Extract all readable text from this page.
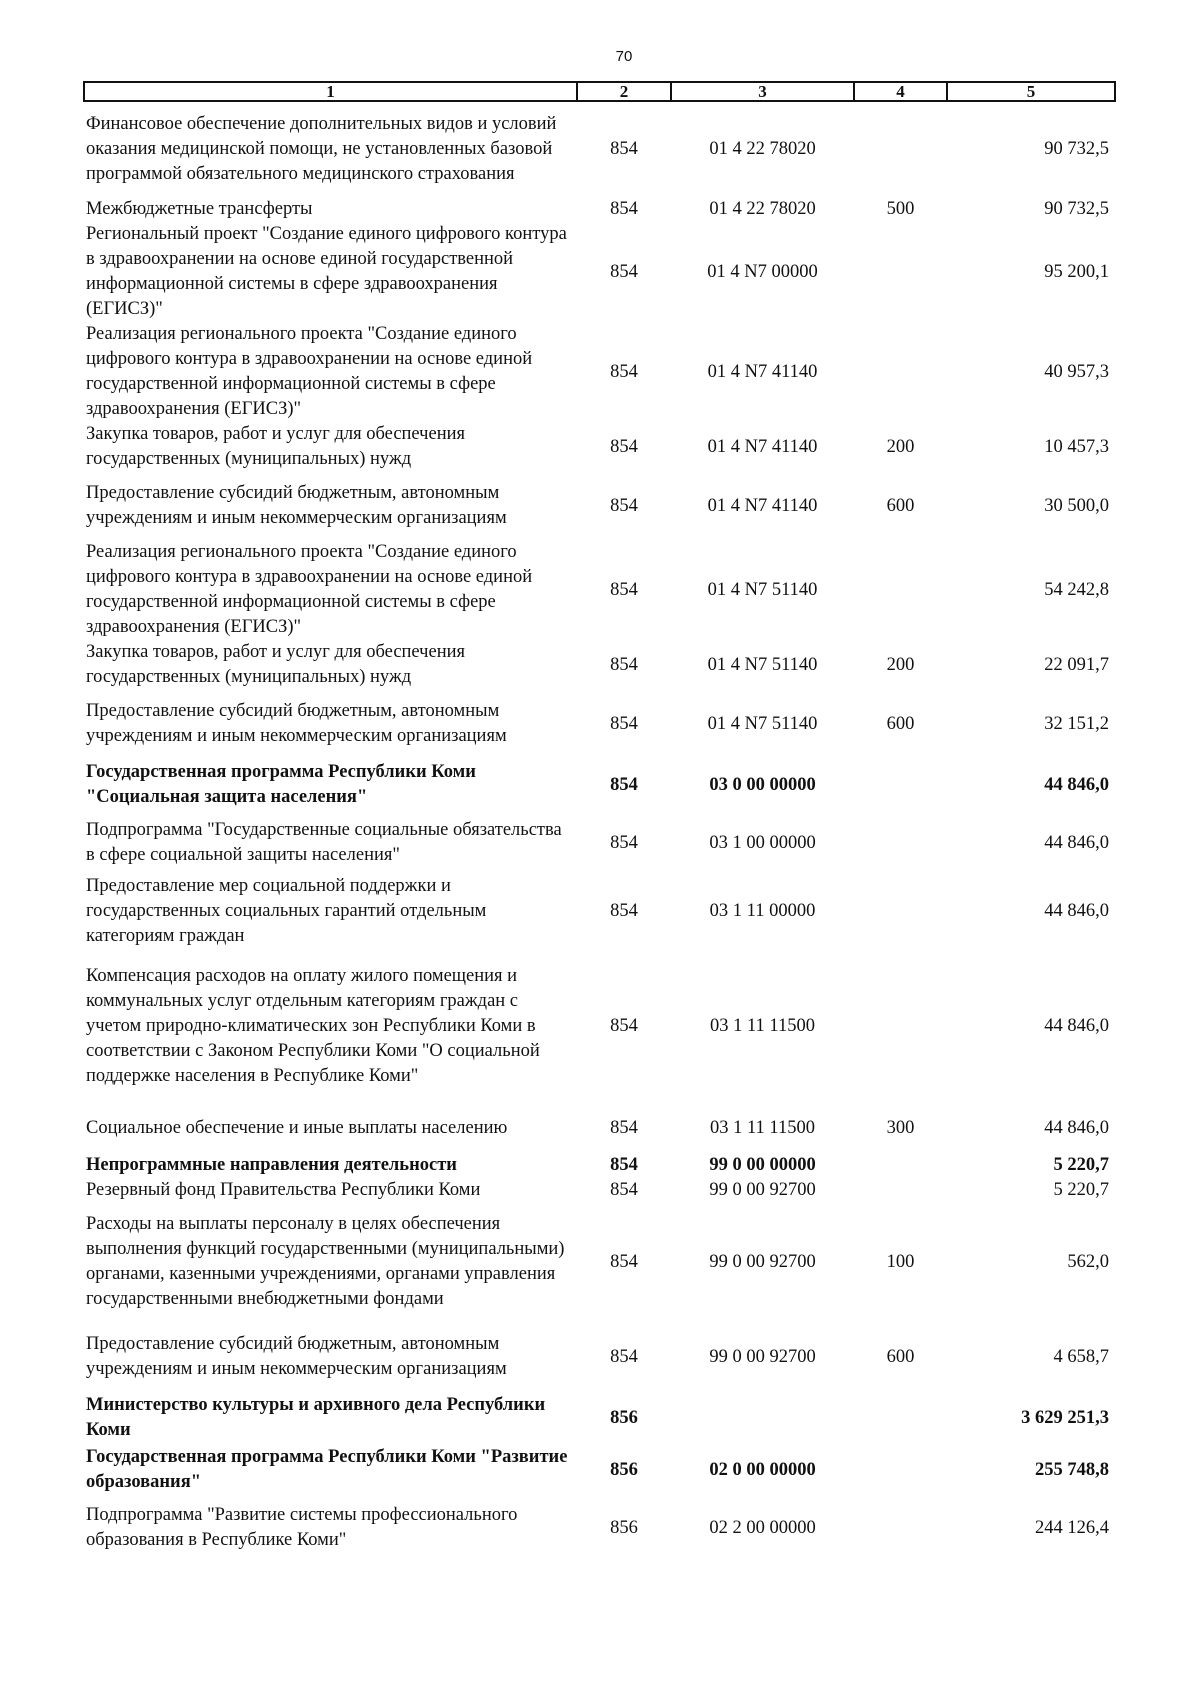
70
1	2	3	4	5
Финансовое обеспечение дополнительных видов и условий оказания медицинской помощи, не установленных базовой программой обязательного медицинского страхования	854	01 4 22 78020		90 732,5
Межбюджетные трансферты	854	01 4 22 78020	500	90 732,5
Региональный проект "Создание единого цифрового контура в здравоохранении на основе единой государственной информационной системы в сфере здравоохранения (ЕГИСЗ)"	854	01 4 N7 00000		95 200,1
Реализация регионального проекта "Создание единого цифрового контура в здравоохранении на основе единой государственной информационной системы в сфере здравоохранения (ЕГИСЗ)"	854	01 4 N7 41140		40 957,3
Закупка товаров, работ и услуг для обеспечения государственных (муниципальных) нужд	854	01 4 N7 41140	200	10 457,3
Предоставление субсидий бюджетным, автономным учреждениям и иным некоммерческим организациям	854	01 4 N7 41140	600	30 500,0
Реализация регионального проекта "Создание единого цифрового контура в здравоохранении на основе единой государственной информационной системы в сфере здравоохранения (ЕГИСЗ)"	854	01 4 N7 51140		54 242,8
Закупка товаров, работ и услуг для обеспечения государственных (муниципальных) нужд	854	01 4 N7 51140	200	22 091,7
Предоставление субсидий бюджетным, автономным учреждениям и иным некоммерческим организациям	854	01 4 N7 51140	600	32 151,2
Государственная программа Республики Коми "Социальная защита населения"	854	03 0 00 00000		44 846,0
Подпрограмма "Государственные социальные обязательства в сфере социальной защиты населения"	854	03 1 00 00000		44 846,0
Предоставление мер социальной поддержки и государственных социальных гарантий отдельным категориям граждан	854	03 1 11 00000		44 846,0
Компенсация расходов на оплату жилого помещения и коммунальных услуг отдельным категориям граждан с учетом природно-климатических зон Республики Коми в соответствии с Законом Республики Коми "О социальной поддержке населения в Республике Коми"	854	03 1 11 11500		44 846,0
Социальное обеспечение и иные выплаты населению	854	03 1 11 11500	300	44 846,0
Непрограммные направления деятельности	854	99 0 00 00000		5 220,7
Резервный фонд Правительства Республики Коми	854	99 0 00 92700		5 220,7
Расходы на выплаты персоналу в целях обеспечения выполнения функций государственными (муниципальными) органами, казенными учреждениями, органами управления государственными внебюджетными фондами	854	99 0 00 92700	100	562,0
Предоставление субсидий бюджетным, автономным учреждениям и иным некоммерческим организациям	854	99 0 00 92700	600	4 658,7
Министерство культуры и архивного дела Республики Коми	856			3 629 251,3
Государственная программа Республики Коми "Развитие образования"	856	02 0 00 00000		255 748,8
Подпрограмма "Развитие системы профессионального образования в Республике Коми"	856	02 2 00 00000		244 126,4
